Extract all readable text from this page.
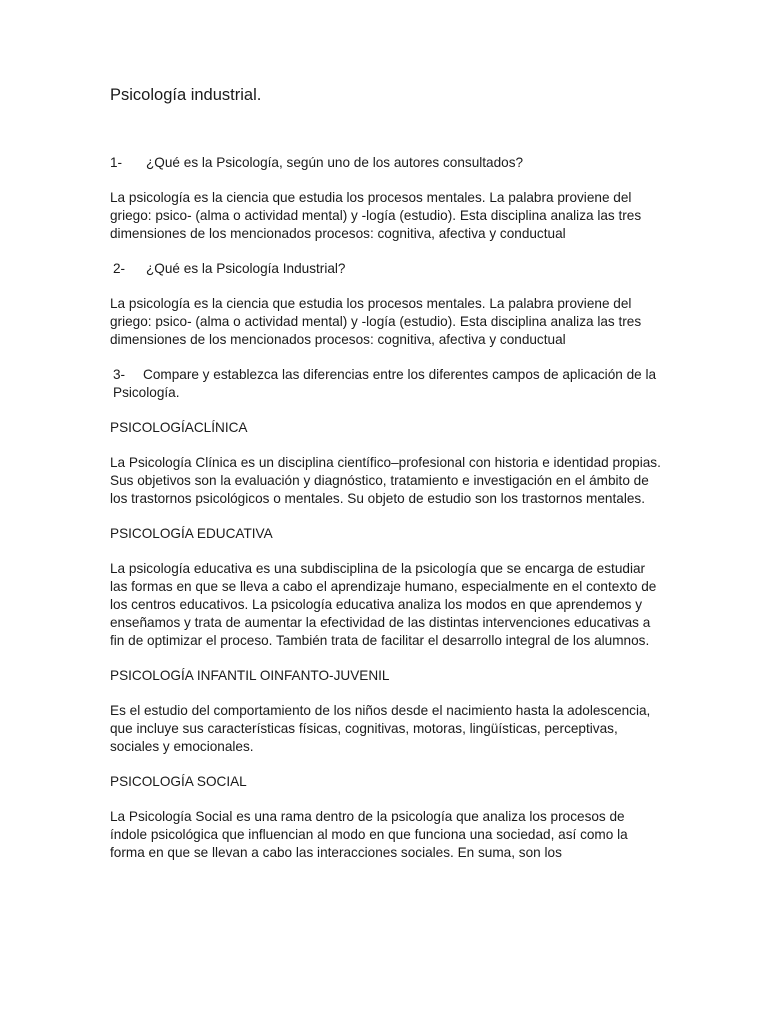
Psicología industrial.
1- ¿Qué es la Psicología, según uno de los autores consultados?
La psicología es la ciencia que estudia los procesos mentales. La palabra proviene del griego: psico- (alma o actividad mental) y -logía (estudio). Esta disciplina analiza las tres dimensiones de los mencionados procesos: cognitiva, afectiva y conductual
2- ¿Qué es la Psicología Industrial?
La psicología es la ciencia que estudia los procesos mentales. La palabra proviene del griego: psico- (alma o actividad mental) y -logía (estudio). Esta disciplina analiza las tres dimensiones de los mencionados procesos: cognitiva, afectiva y conductual
3- Compare y establezca las diferencias entre los diferentes campos de aplicación de la Psicología.
PSICOLOGÍACLÍNICA
La Psicología Clínica es un disciplina científico–profesional con historia e identidad propias. Sus objetivos son la evaluación y diagnóstico, tratamiento e investigación en el ámbito de los trastornos psicológicos o mentales. Su objeto de estudio son los trastornos mentales.
PSICOLOGÍA EDUCATIVA
La psicología educativa es una subdisciplina de la psicología que se encarga de estudiar las formas en que se lleva a cabo el aprendizaje humano, especialmente en el contexto de los centros educativos. La psicología educativa analiza los modos en que aprendemos y enseñamos y trata de aumentar la efectividad de las distintas intervenciones educativas a fin de optimizar el proceso. También trata de facilitar el desarrollo integral de los alumnos.
PSICOLOGÍA INFANTIL OINFANTO-JUVENIL
Es el estudio del comportamiento de los niños desde el nacimiento hasta la adolescencia, que incluye sus características físicas, cognitivas, motoras, lingüísticas, perceptivas, sociales y emocionales.
PSICOLOGÍA SOCIAL
La Psicología Social es una rama dentro de la psicología que analiza los procesos de índole psicológica que influencian al modo en que funciona una sociedad, así como la forma en que se llevan a cabo las interacciones sociales. En suma, son los
